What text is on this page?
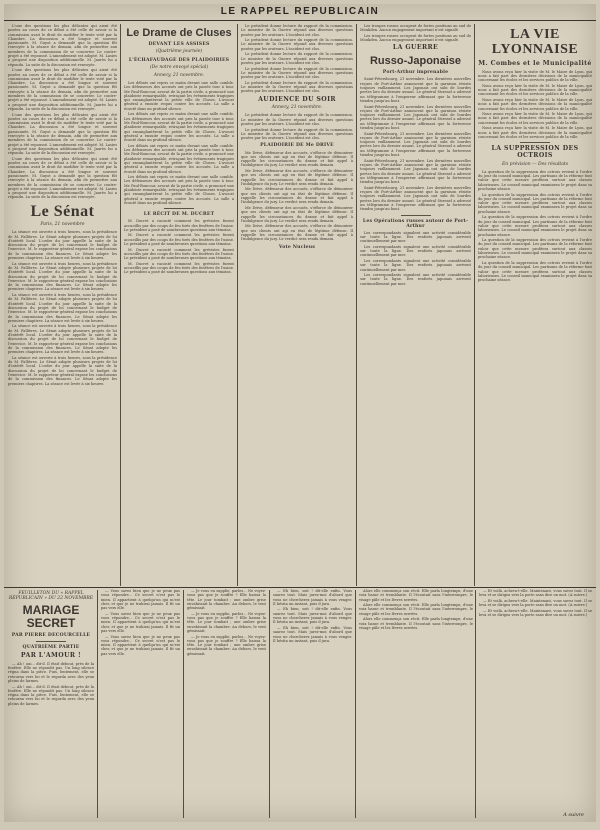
LE RAPPEL REPUBLICAIN

L'une des questions les plus délicates qui aient été posées au cours de ce débat a été celle de savoir si la commission avait le droit de modifier le texte voté par la Chambre. La discussion a été longue et souvent passionnée. M. Guyot a demandé que la question fût renvoyée à la séance de demain, afin de permettre aux membres de la commission de se concerter. Le contre-projet a été repoussé. L'amendement est adopté. M. Lasies a proposé une disposition additionnelle. M. Jaurès lui a répondu. La suite de la discussion est renvoyée.

L'une des questions les plus délicates qui aient été posées au cours de ce débat a été celle de savoir si la commission avait le droit de modifier le texte voté par la Chambre. La discussion a été longue et souvent passionnée. M. Guyot a demandé que la question fût renvoyée à la séance de demain, afin de permettre aux membres de la commission de se concerter. Le contre-projet a été repoussé. L'amendement est adopté. M. Lasies a proposé une disposition additionnelle. M. Jaurès lui a répondu. La suite de la discussion est renvoyée.

L'une des questions les plus délicates qui aient été posées au cours de ce débat a été celle de savoir si la commission avait le droit de modifier le texte voté par la Chambre. La discussion a été longue et souvent passionnée. M. Guyot a demandé que la question fût renvoyée à la séance de demain, afin de permettre aux membres de la commission de se concerter. Le contre-projet a été repoussé. L'amendement est adopté. M. Lasies a proposé une disposition additionnelle. M. Jaurès lui a répondu. La suite de la discussion est renvoyée.

L'une des questions les plus délicates qui aient été posées au cours de ce débat a été celle de savoir si la commission avait le droit de modifier le texte voté par la Chambre. La discussion a été longue et souvent passionnée. M. Guyot a demandé que la question fût renvoyée à la séance de demain, afin de permettre aux membres de la commission de se concerter. Le contre-projet a été repoussé. L'amendement est adopté. M. Lasies a proposé une disposition additionnelle. M. Jaurès lui a répondu. La suite de la discussion est renvoyée.

Le Sénat
Paris, 21 novembre

La séance est ouverte à trois heures, sous la présidence de M. Fallières. Le Sénat adopte plusieurs projets de loi d'intérêt local. L'ordre du jour appelle la suite de la discussion du projet de loi concernant le budget de l'exercice. M. le rapporteur général expose les conclusions de la commission des finances. Le Sénat adopte les premiers chapitres. La séance est levée à six heures.

La séance est ouverte à trois heures, sous la présidence de M. Fallières. Le Sénat adopte plusieurs projets de loi d'intérêt local. L'ordre du jour appelle la suite de la discussion du projet de loi concernant le budget de l'exercice. M. le rapporteur général expose les conclusions de la commission des finances. Le Sénat adopte les premiers chapitres. La séance est levée à six heures.

La séance est ouverte à trois heures, sous la présidence de M. Fallières. Le Sénat adopte plusieurs projets de loi d'intérêt local. L'ordre du jour appelle la suite de la discussion du projet de loi concernant le budget de l'exercice. M. le rapporteur général expose les conclusions de la commission des finances. Le Sénat adopte les premiers chapitres. La séance est levée à six heures.

La séance est ouverte à trois heures, sous la présidence de M. Fallières. Le Sénat adopte plusieurs projets de loi d'intérêt local. L'ordre du jour appelle la suite de la discussion du projet de loi concernant le budget de l'exercice. M. le rapporteur général expose les conclusions de la commission des finances. Le Sénat adopte les premiers chapitres. La séance est levée à six heures.

La séance est ouverte à trois heures, sous la présidence de M. Fallières. Le Sénat adopte plusieurs projets de loi d'intérêt local. L'ordre du jour appelle la suite de la discussion du projet de loi concernant le budget de l'exercice. M. le rapporteur général expose les conclusions de la commission des finances. Le Sénat adopte les premiers chapitres. La séance est levée à six heures.

Le Drame de Cluses
DEVANT LES ASSISES
(Quatrième journée)
L'ÉCHAFAUDAGE DES PLAIDOIRIES
(De notre envoyé spécial)
Annecy, 21 novembre.

Les débats ont repris ce matin devant une salle comble. Les défenseurs des accusés ont pris la parole tour à tour. Me Paul-Boncour, avocat de la partie civile, a prononcé une plaidoirie remarquable, retraçant les événements tragiques qui ensanglantèrent la petite ville de Cluses. L'avocat général a ensuite requis contre les accusés. La salle a écouté dans un profond silence.

Les débats ont repris ce matin devant une salle comble. Les défenseurs des accusés ont pris la parole tour à tour. Me Paul-Boncour, avocat de la partie civile, a prononcé une plaidoirie remarquable, retraçant les événements tragiques qui ensanglantèrent la petite ville de Cluses. L'avocat général a ensuite requis contre les accusés. La salle a écouté dans un profond silence.

Les débats ont repris ce matin devant une salle comble. Les défenseurs des accusés ont pris la parole tour à tour. Me Paul-Boncour, avocat de la partie civile, a prononcé une plaidoirie remarquable, retraçant les événements tragiques qui ensanglantèrent la petite ville de Cluses. L'avocat général a ensuite requis contre les accusés. La salle a écouté dans un profond silence.

Les débats ont repris ce matin devant une salle comble. Les défenseurs des accusés ont pris la parole tour à tour. Me Paul-Boncour, avocat de la partie civile, a prononcé une plaidoirie remarquable, retraçant les événements tragiques qui ensanglantèrent la petite ville de Cluses. L'avocat général a ensuite requis contre les accusés. La salle a écouté dans un profond silence.

LE RÉCIT DE M. DUCRET

M. Ducret a raconté comment les grévistes furent accueillis par des coups de feu tirés des fenêtres de l'usine. Le président a posé de nombreuses questions aux témoins.

M. Ducret a raconté comment les grévistes furent accueillis par des coups de feu tirés des fenêtres de l'usine. Le président a posé de nombreuses questions aux témoins.

M. Ducret a raconté comment les grévistes furent accueillis par des coups de feu tirés des fenêtres de l'usine. Le président a posé de nombreuses questions aux témoins.

M. Ducret a raconté comment les grévistes furent accueillis par des coups de feu tirés des fenêtres de l'usine. Le président a posé de nombreuses questions aux témoins.

Le président donne lecture du rapport de la commission. Le ministre de la Guerre répond aux diverses questions posées par les orateurs. L'incident est clos.

Le président donne lecture du rapport de la commission. Le ministre de la Guerre répond aux diverses questions posées par les orateurs. L'incident est clos.

Le président donne lecture du rapport de la commission. Le ministre de la Guerre répond aux diverses questions posées par les orateurs. L'incident est clos.

Le président donne lecture du rapport de la commission. Le ministre de la Guerre répond aux diverses questions posées par les orateurs. L'incident est clos.

Le président donne lecture du rapport de la commission. Le ministre de la Guerre répond aux diverses questions posées par les orateurs. L'incident est clos.

AUDIENCE DU SOIR
Annecy, 21 novembre.

Le président donne lecture du rapport de la commission. Le ministre de la Guerre répond aux diverses questions posées par les orateurs. L'incident est clos.

Le président donne lecture du rapport de la commission. Le ministre de la Guerre répond aux diverses questions posées par les orateurs. L'incident est clos.

PLAIDOIRIE DE Me DRIVE

Me Drive, défenseur des accusés, s'efforce de démontrer que ses clients ont agi en état de légitime défense. Il rappelle les circonstances du drame et fait appel à l'indulgence du jury. Le verdict sera rendu demain.

Me Drive, défenseur des accusés, s'efforce de démontrer que ses clients ont agi en état de légitime défense. Il rappelle les circonstances du drame et fait appel à l'indulgence du jury. Le verdict sera rendu demain.

Me Drive, défenseur des accusés, s'efforce de démontrer que ses clients ont agi en état de légitime défense. Il rappelle les circonstances du drame et fait appel à l'indulgence du jury. Le verdict sera rendu demain.

Me Drive, défenseur des accusés, s'efforce de démontrer que ses clients ont agi en état de légitime défense. Il rappelle les circonstances du drame et fait appel à l'indulgence du jury. Le verdict sera rendu demain.

Me Drive, défenseur des accusés, s'efforce de démontrer que ses clients ont agi en état de légitime défense. Il rappelle les circonstances du drame et fait appel à l'indulgence du jury. Le verdict sera rendu demain.

Vote Nucleus

Les troupes russes occupent de fortes positions au sud de Moukden. Aucun engagement important n'est signalé.

Les troupes russes occupent de fortes positions au sud de Moukden. Aucun engagement important n'est signalé.

LA GUERRE
Russo-Japonaise
Port-Arthur imprenable

Saint-Pétersbourg, 21 novembre. Les dernières nouvelles reçues de Port-Arthur annoncent que la garnison résiste toujours vaillamment. Les Japonais ont subi de lourdes pertes lors du dernier assaut. Le général Stœssel a adressé un télégramme à l'empereur affirmant que la forteresse tiendra jusqu'au bout.

Saint-Pétersbourg, 21 novembre. Les dernières nouvelles reçues de Port-Arthur annoncent que la garnison résiste toujours vaillamment. Les Japonais ont subi de lourdes pertes lors du dernier assaut. Le général Stœssel a adressé un télégramme à l'empereur affirmant que la forteresse tiendra jusqu'au bout.

Saint-Pétersbourg, 21 novembre. Les dernières nouvelles reçues de Port-Arthur annoncent que la garnison résiste toujours vaillamment. Les Japonais ont subi de lourdes pertes lors du dernier assaut. Le général Stœssel a adressé un télégramme à l'empereur affirmant que la forteresse tiendra jusqu'au bout.

Saint-Pétersbourg, 21 novembre. Les dernières nouvelles reçues de Port-Arthur annoncent que la garnison résiste toujours vaillamment. Les Japonais ont subi de lourdes pertes lors du dernier assaut. Le général Stœssel a adressé un télégramme à l'empereur affirmant que la forteresse tiendra jusqu'au bout.

Saint-Pétersbourg, 21 novembre. Les dernières nouvelles reçues de Port-Arthur annoncent que la garnison résiste toujours vaillamment. Les Japonais ont subi de lourdes pertes lors du dernier assaut. Le général Stœssel a adressé un télégramme à l'empereur affirmant que la forteresse tiendra jusqu'au bout.

Les Opérations russes autour de Port-Arthur

Les correspondants signalent une activité considérable sur toute la ligne. Des renforts japonais arrivent continuellement par mer.

Les correspondants signalent une activité considérable sur toute la ligne. Des renforts japonais arrivent continuellement par mer.

Les correspondants signalent une activité considérable sur toute la ligne. Des renforts japonais arrivent continuellement par mer.

Les correspondants signalent une activité considérable sur toute la ligne. Des renforts japonais arrivent continuellement par mer.

LA VIE LYONNAISE
M. Combes et le Municipalité

Nous avons reçu hier la visite de M. le Maire de Lyon, qui nous a fait part des dernières décisions de la municipalité concernant les écoles et les services publics de la ville.

Nous avons reçu hier la visite de M. le Maire de Lyon, qui nous a fait part des dernières décisions de la municipalité concernant les écoles et les services publics de la ville.

Nous avons reçu hier la visite de M. le Maire de Lyon, qui nous a fait part des dernières décisions de la municipalité concernant les écoles et les services publics de la ville.

Nous avons reçu hier la visite de M. le Maire de Lyon, qui nous a fait part des dernières décisions de la municipalité concernant les écoles et les services publics de la ville.

Nous avons reçu hier la visite de M. le Maire de Lyon, qui nous a fait part des dernières décisions de la municipalité concernant les écoles et les services publics de la ville.

LA SUPPRESSION DES OCTROIS
En prévision — Des résultats

La question de la suppression des octrois revient à l'ordre du jour du conseil municipal. Les partisans de la réforme font valoir que cette mesure profitera surtout aux classes laborieuses. Le conseil municipal examinera le projet dans sa prochaine séance.

La question de la suppression des octrois revient à l'ordre du jour du conseil municipal. Les partisans de la réforme font valoir que cette mesure profitera surtout aux classes laborieuses. Le conseil municipal examinera le projet dans sa prochaine séance.

La question de la suppression des octrois revient à l'ordre du jour du conseil municipal. Les partisans de la réforme font valoir que cette mesure profitera surtout aux classes laborieuses. Le conseil municipal examinera le projet dans sa prochaine séance.

La question de la suppression des octrois revient à l'ordre du jour du conseil municipal. Les partisans de la réforme font valoir que cette mesure profitera surtout aux classes laborieuses. Le conseil municipal examinera le projet dans sa prochaine séance.

La question de la suppression des octrois revient à l'ordre du jour du conseil municipal. Les partisans de la réforme font valoir que cette mesure profitera surtout aux classes laborieuses. Le conseil municipal examinera le projet dans sa prochaine séance.

FEUILLETON DU « RAPPEL RÉPUBLICAIN » DU 22 NOVEMBRE
MARIAGE SECRET
PAR PIERRE DECOURCELLE
QUATRIÈME PARTIE
PAR L'AMOUR !

— Ah ! oui... dit-il. Il était debout, près de la fenêtre. Elle ne répondit pas. Un long silence régna dans la pièce. Puis, lentement, elle se retourna vers lui et le regarda avec des yeux pleins de larmes.

— Ah ! oui... dit-il. Il était debout, près de la fenêtre. Elle ne répondit pas. Un long silence régna dans la pièce. Puis, lentement, elle se retourna vers lui et le regarda avec des yeux pleins de larmes.

— Vous savez bien que je ne peux pas vous répondre... Ce secret n'est pas le mien. Il appartient à quelqu'un qui m'est cher, et que je ne trahirai jamais. Il fit un pas vers elle.

— Vous savez bien que je ne peux pas vous répondre... Ce secret n'est pas le mien. Il appartient à quelqu'un qui m'est cher, et que je ne trahirai jamais. Il fit un pas vers elle.

— Vous savez bien que je ne peux pas vous répondre... Ce secret n'est pas le mien. Il appartient à quelqu'un qui m'est cher, et que je ne trahirai jamais. Il fit un pas vers elle.

— Je vous en supplie, parlez... Ne voyez-vous pas que je souffre ? Elle baissa la tête. Le jour tombait ; une ombre grise envahissait la chambre. Au dehors, le vent gémissait.

— Je vous en supplie, parlez... Ne voyez-vous pas que je souffre ? Elle baissa la tête. Le jour tombait ; une ombre grise envahissait la chambre. Au dehors, le vent gémissait.

— Je vous en supplie, parlez... Ne voyez-vous pas que je souffre ? Elle baissa la tête. Le jour tombait ; une ombre grise envahissait la chambre. Au dehors, le vent gémissait.

— Eh bien, soit ! dit-elle enfin. Vous saurez tout. Mais jurez-moi d'abord que vous ne chercherez jamais à vous venger. Il hésita un instant, puis il jura.

— Eh bien, soit ! dit-elle enfin. Vous saurez tout. Mais jurez-moi d'abord que vous ne chercherez jamais à vous venger. Il hésita un instant, puis il jura.

— Eh bien, soit ! dit-elle enfin. Vous saurez tout. Mais jurez-moi d'abord que vous ne chercherez jamais à vous venger. Il hésita un instant, puis il jura.

Alors elle commença son récit. Elle parla longtemps, d'une voix basse et tremblante. Il l'écoutait sans l'interrompre, le visage pâle et les lèvres serrées.

Alors elle commença son récit. Elle parla longtemps, d'une voix basse et tremblante. Il l'écoutait sans l'interrompre, le visage pâle et les lèvres serrées.

Alors elle commença son récit. Elle parla longtemps, d'une voix basse et tremblante. Il l'écoutait sans l'interrompre, le visage pâle et les lèvres serrées.

— Et voilà, acheva-t-elle. Maintenant, vous savez tout. Il se leva et se dirigea vers la porte sans dire un mot. (A suivre.)

— Et voilà, acheva-t-elle. Maintenant, vous savez tout. Il se leva et se dirigea vers la porte sans dire un mot. (A suivre.)

— Et voilà, acheva-t-elle. Maintenant, vous savez tout. Il se leva et se dirigea vers la porte sans dire un mot. (A suivre.)

A suivre
